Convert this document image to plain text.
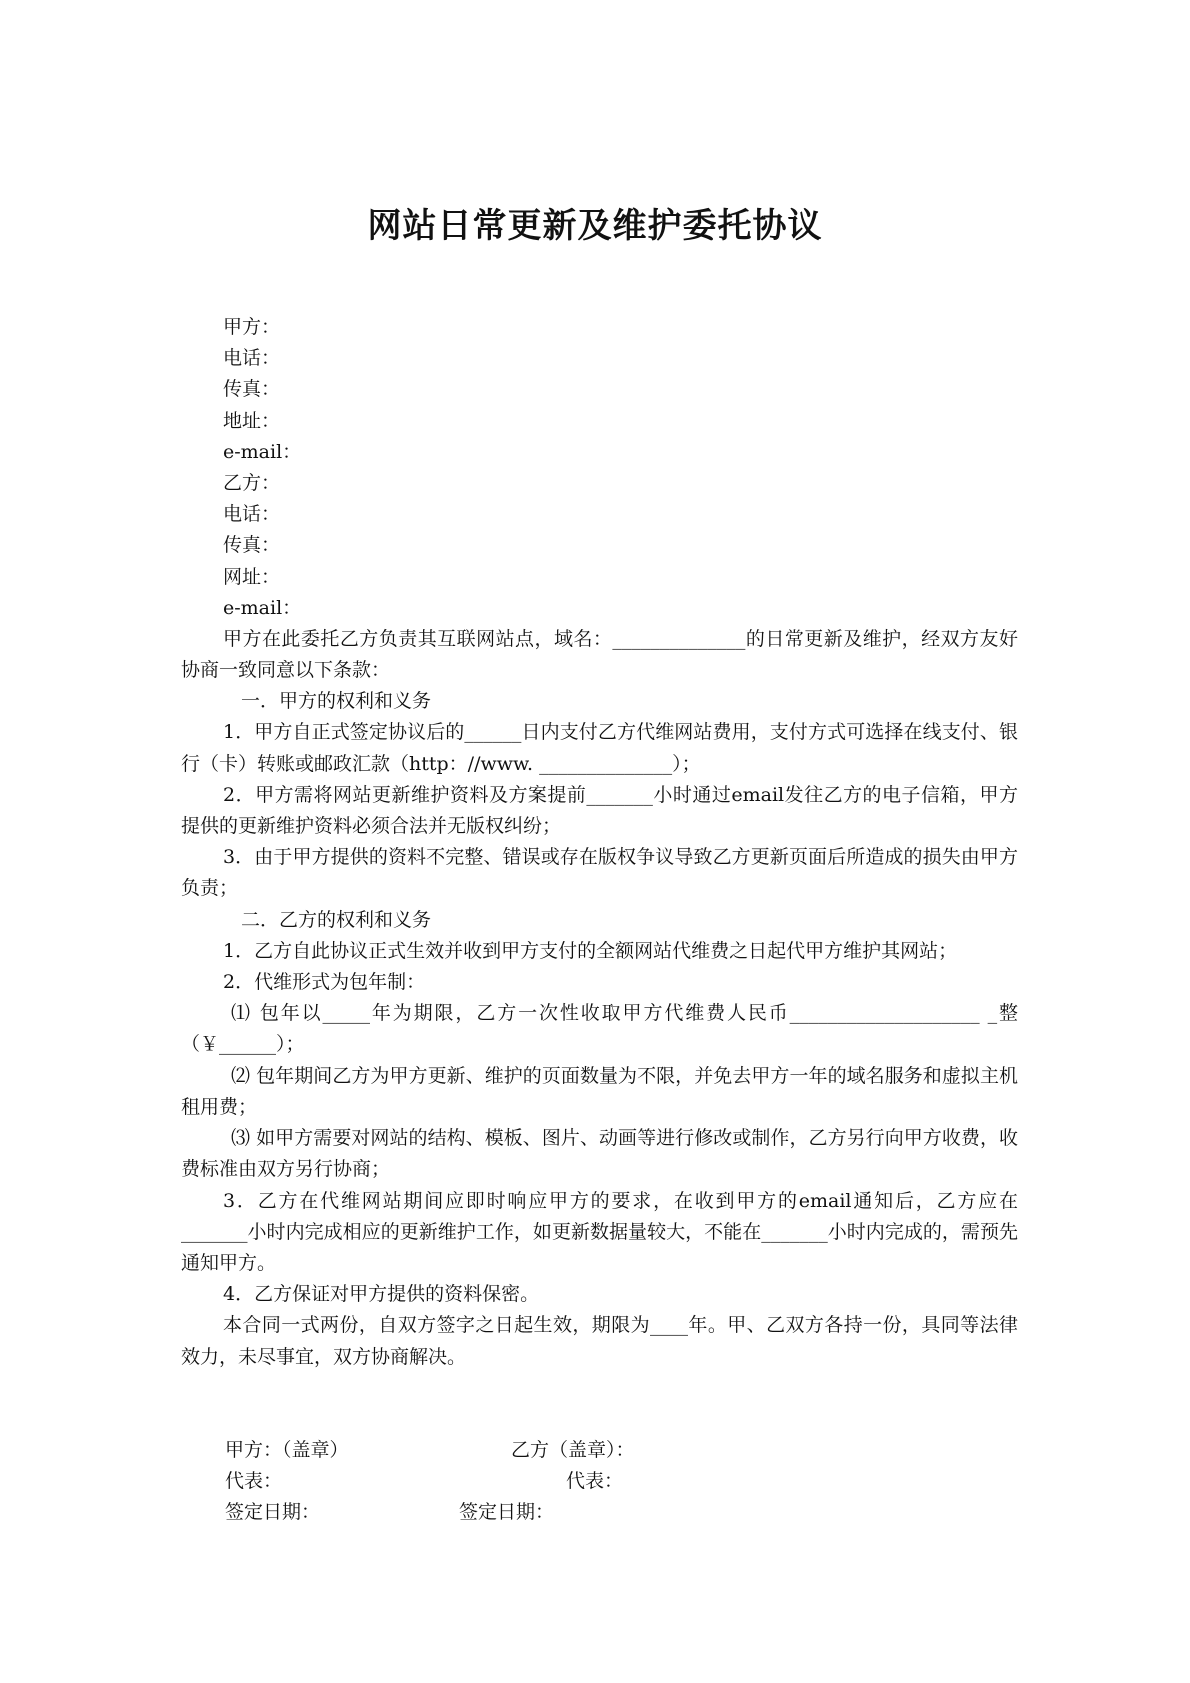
网站日常更新及维护委托协议
甲方：
电话：
传真：
地址：
e-mail：
乙方：
电话：
传真：
网址：
e-mail：
甲方在此委托乙方负责其互联网站点，域名：______________的日常更新及维护，经双方友好协商一致同意以下条款：
一．甲方的权利和义务
1．甲方自正式签定协议后的______日内支付乙方代维网站费用，支付方式可选择在线支付、银行（卡）转账或邮政汇款（http：//www. ______________）；
2．甲方需将网站更新维护资料及方案提前_______小时通过email发往乙方的电子信箱，甲方提供的更新维护资料必须合法并无版权纠纷；
3．由于甲方提供的资料不完整、错误或存在版权争议导致乙方更新页面后所造成的损失由甲方负责；
二．乙方的权利和义务
1．乙方自此协议正式生效并收到甲方支付的全额网站代维费之日起代甲方维护其网站；
2．代维形式为包年制：
⑴ 包年以_____年为期限，乙方一次性收取甲方代维费人民币____________________ _整（￥______）；
⑵ 包年期间乙方为甲方更新、维护的页面数量为不限，并免去甲方一年的域名服务和虚拟主机租用费；
⑶ 如甲方需要对网站的结构、模板、图片、动画等进行修改或制作，乙方另行向甲方收费，收费标准由双方另行协商；
3．乙方在代维网站期间应即时响应甲方的要求，在收到甲方的email通知后，乙方应在_______小时内完成相应的更新维护工作，如更新数据量较大，不能在_______小时内完成的，需预先通知甲方。
4．乙方保证对甲方提供的资料保密。
本合同一式两份，自双方签字之日起生效，期限为____年。甲、乙双方各持一份，具同等法律效力，未尽事宜，双方协商解决。
甲方：（盖章）	乙方（盖章）：
代表：	代表：
签定日期：	签定日期：
